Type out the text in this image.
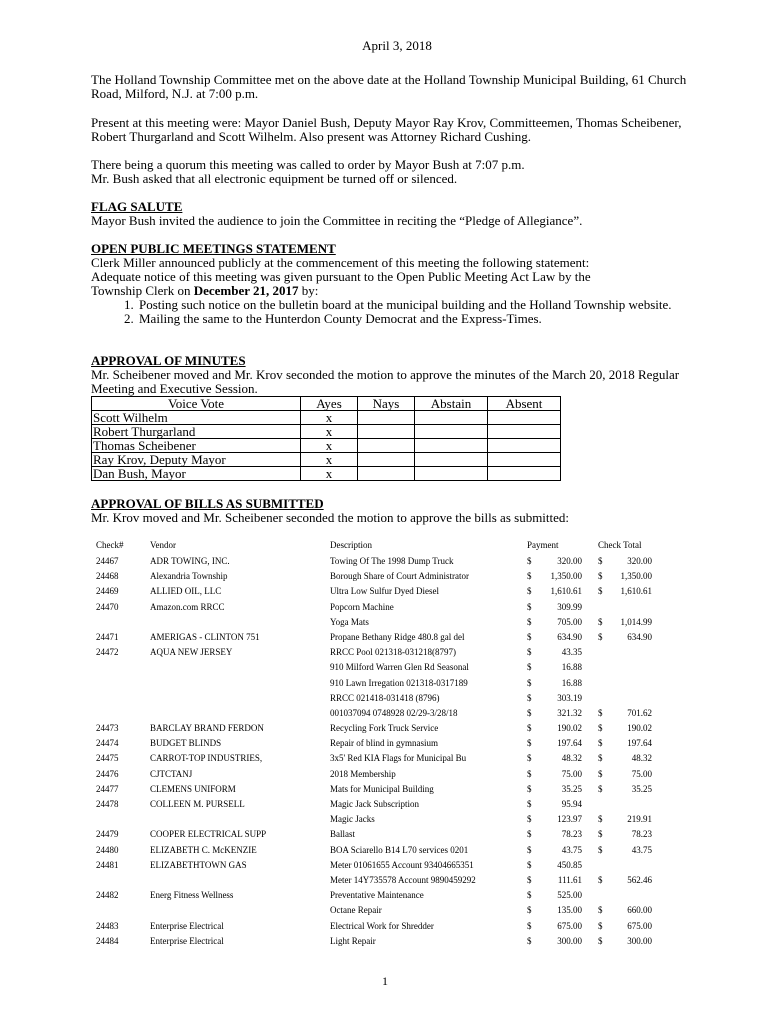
April 3, 2018
The Holland Township Committee met on the above date at the Holland Township Municipal Building, 61 Church Road, Milford, N.J. at 7:00 p.m.
Present at this meeting were: Mayor Daniel Bush, Deputy Mayor Ray Krov, Committeemen, Thomas Scheibener, Robert Thurgarland and Scott Wilhelm. Also present was Attorney Richard Cushing.
There being a quorum this meeting was called to order by Mayor Bush at 7:07 p.m.
Mr. Bush asked that all electronic equipment be turned off or silenced.
FLAG SALUTE
Mayor Bush invited the audience to join the Committee in reciting the “Pledge of Allegiance”.
OPEN PUBLIC MEETINGS STATEMENT
Clerk Miller announced publicly at the commencement of this meeting the following statement:
Adequate notice of this meeting was given pursuant to the Open Public Meeting Act Law by the
Township Clerk on December 21, 2017 by:
1. Posting such notice on the bulletin board at the municipal building and the Holland Township website.
2. Mailing the same to the Hunterdon County Democrat and the Express-Times.
APPROVAL OF MINUTES
Mr. Scheibener moved and Mr. Krov seconded the motion to approve the minutes of the March 20, 2018 Regular Meeting and Executive Session.
Voice Vote	Ayes	Nays	Abstain	Absent
Scott Wilhelm	x			
Robert Thurgarland	x			
Thomas Scheibener	x			
Ray Krov, Deputy Mayor	x			
Dan Bush, Mayor	x			
APPROVAL OF BILLS AS SUBMITTED
Mr. Krov moved and Mr. Scheibener seconded the motion to approve the bills as submitted:
Check#	Vendor	Description	Payment	Check Total
24467	ADR TOWING, INC.	Towing Of The 1998 Dump Truck	$	320.00 $	320.00
24468	Alexandria Township	Borough Share of Court Administrator	$	1,350.00 $	1,350.00
24469	ALLIED OIL, LLC	Ultra Low Sulfur Dyed Diesel	$	1,610.61 $	1,610.61
24470	Amazon.com RRCC	Popcorn Machine	$	309.99
Yoga Mats	$	705.00 $	1,014.99
24471	AMERIGAS - CLINTON 751	Propane Bethany Ridge 480.8 gal del	$	634.90 $	634.90
24472	AQUA NEW JERSEY	RRCC Pool 021318-031218(8797)	$	43.35
910 Milford Warren Glen Rd Seasonal	$	16.88
910 Lawn Irregation 021318-0317189	$	16.88
RRCC 021418-031418 (8796)	$	303.19
001037094 0748928 02/29-3/28/18	$	321.32 $	701.62
24473	BARCLAY BRAND FERDON	Recycling Fork Truck Service	$	190.02 $	190.02
24474	BUDGET BLINDS	Repair of blind in gymnasium	$	197.64 $	197.64
24475	CARROT-TOP INDUSTRIES,	3x5' Red KIA Flags for Municipal Bu	$	48.32 $	48.32
24476	CJTCTANJ	2018 Membership	$	75.00 $	75.00
24477	CLEMENS UNIFORM	Mats for Municipal Building	$	35.25 $	35.25
24478	COLLEEN M. PURSELL	Magic Jack Subscription	$	95.94
Magic Jacks	$	123.97 $	219.91
24479	COOPER ELECTRICAL SUPP	Ballast	$	78.23 $	78.23
24480	ELIZABETH C. McKENZIE	BOA Sciarello B14 L70 services 0201	$	43.75 $	43.75
24481	ELIZABETHTOWN GAS	Meter 01061655 Account 93404665351	$	450.85
Meter 14Y735578 Account 9890459292	$	111.61 $	562.46
24482	Energ Fitness Wellness	Preventative Maintenance	$	525.00
Octane Repair	$	135.00 $	660.00
24483	Enterprise Electrical	Electrical Work for Shredder	$	675.00 $	675.00
24484	Enterprise Electrical	Light Repair	$	300.00 $	300.00
1
